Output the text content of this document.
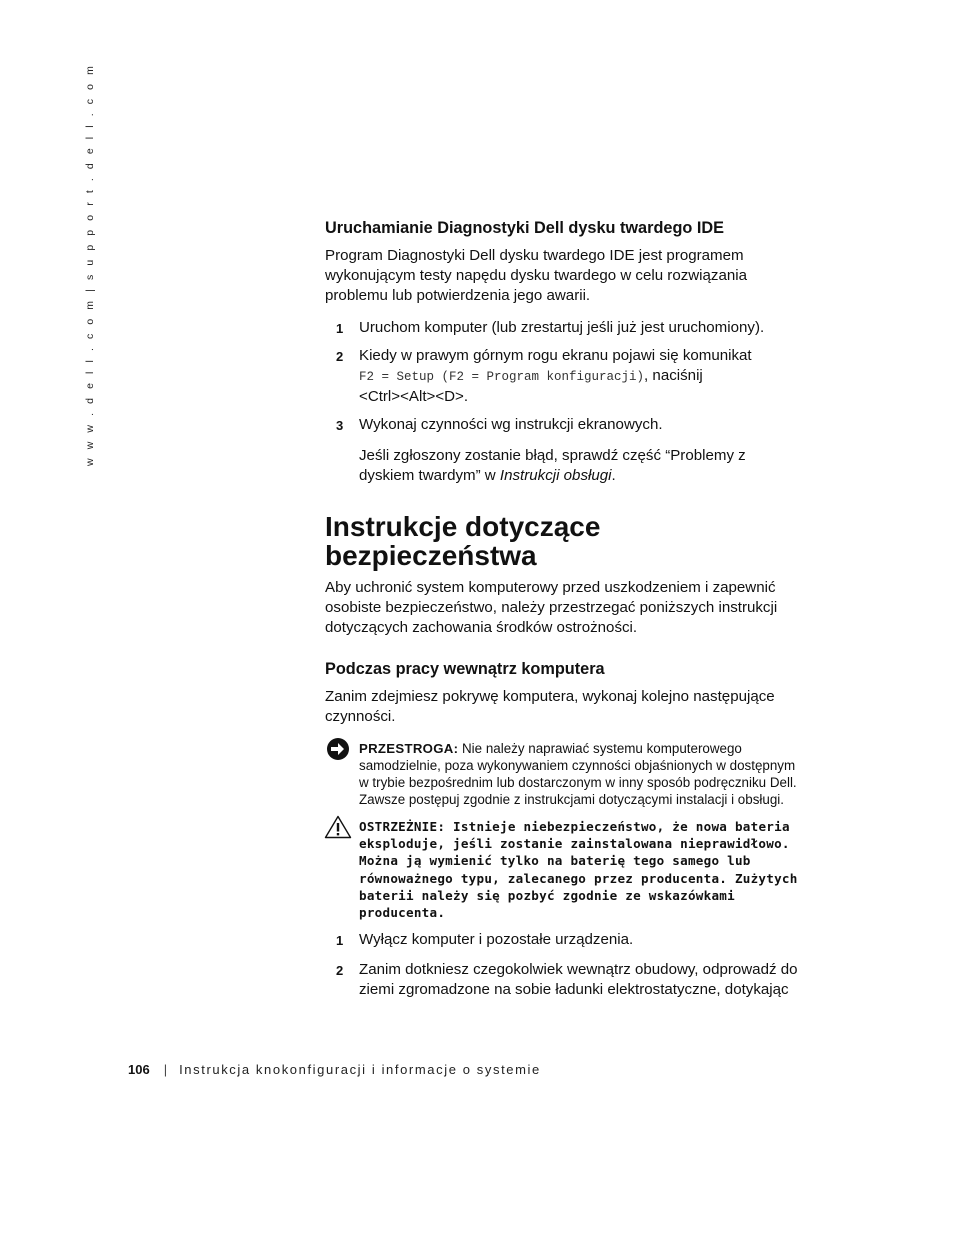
w w w . d e l l . c o m | s u p p o r t . d e l l . c o m	Uruchamianie Diagnostyki Dell dysku twardego IDE
Program Diagnostyki Dell dysku twardego IDE jest programem
wykonującym testy napędu dysku twardego w celu rozwiązania
problemu lub potwierdzenia jego awarii.
1 Uruchom komputer (lub zrestartuj jeśli już jest uruchomiony).
2 Kiedy w prawym górnym rogu ekranu pojawi się komunikat
F2 = Setup (F2 = Program konfiguracji), naciśnij
<Ctrl><Alt><D>.
3 Wykonaj czynności wg instrukcji ekranowych.
Jeśli zgłoszony zostanie błąd, sprawdź część “Problemy z
dyskiem twardym” w Instrukcji obsługi.
Instrukcje dotyczące
bezpieczeństwa
Aby uchronić system komputerowy przed uszkodzeniem i zapewnić
osobiste bezpieczeństwo, należy przestrzegać poniższych instrukcji
dotyczących zachowania środków ostrożności.
Podczas pracy wewnątrz komputera
Zanim zdejmiesz pokrywę komputera, wykonaj kolejno następujące
czynności.
PRZESTROGA: Nie należy naprawiać systemu komputerowego
samodzielnie, poza wykonywaniem czynności objaśnionych w dostępnym
w trybie bezpośrednim lub dostarczonym w inny sposób podręczniku Dell.
Zawsze postępuj zgodnie z instrukcjami dotyczącymi instalacji i obsługi.
OSTRZEŻNIE: Istnieje niebezpieczeństwo, że nowa bateria
eksploduje, jeśli zostanie zainstalowana nieprawidłowo.
Można ją wymienić tylko na baterię tego samego lub
równoważnego typu, zalecanego przez producenta. Zużytych
baterii należy się pozbyć zgodnie ze wskazówkami
producenta.
1 Wyłącz komputer i pozostałe urządzenia.
2 Zanim dotkniesz czegokolwiek wewnątrz obudowy, odprowadź do
ziemi zgromadzone na sobie ładunki elektrostatyczne, dotykając
106 | Instrukcja knokonfiguracji i informacje o systemie
